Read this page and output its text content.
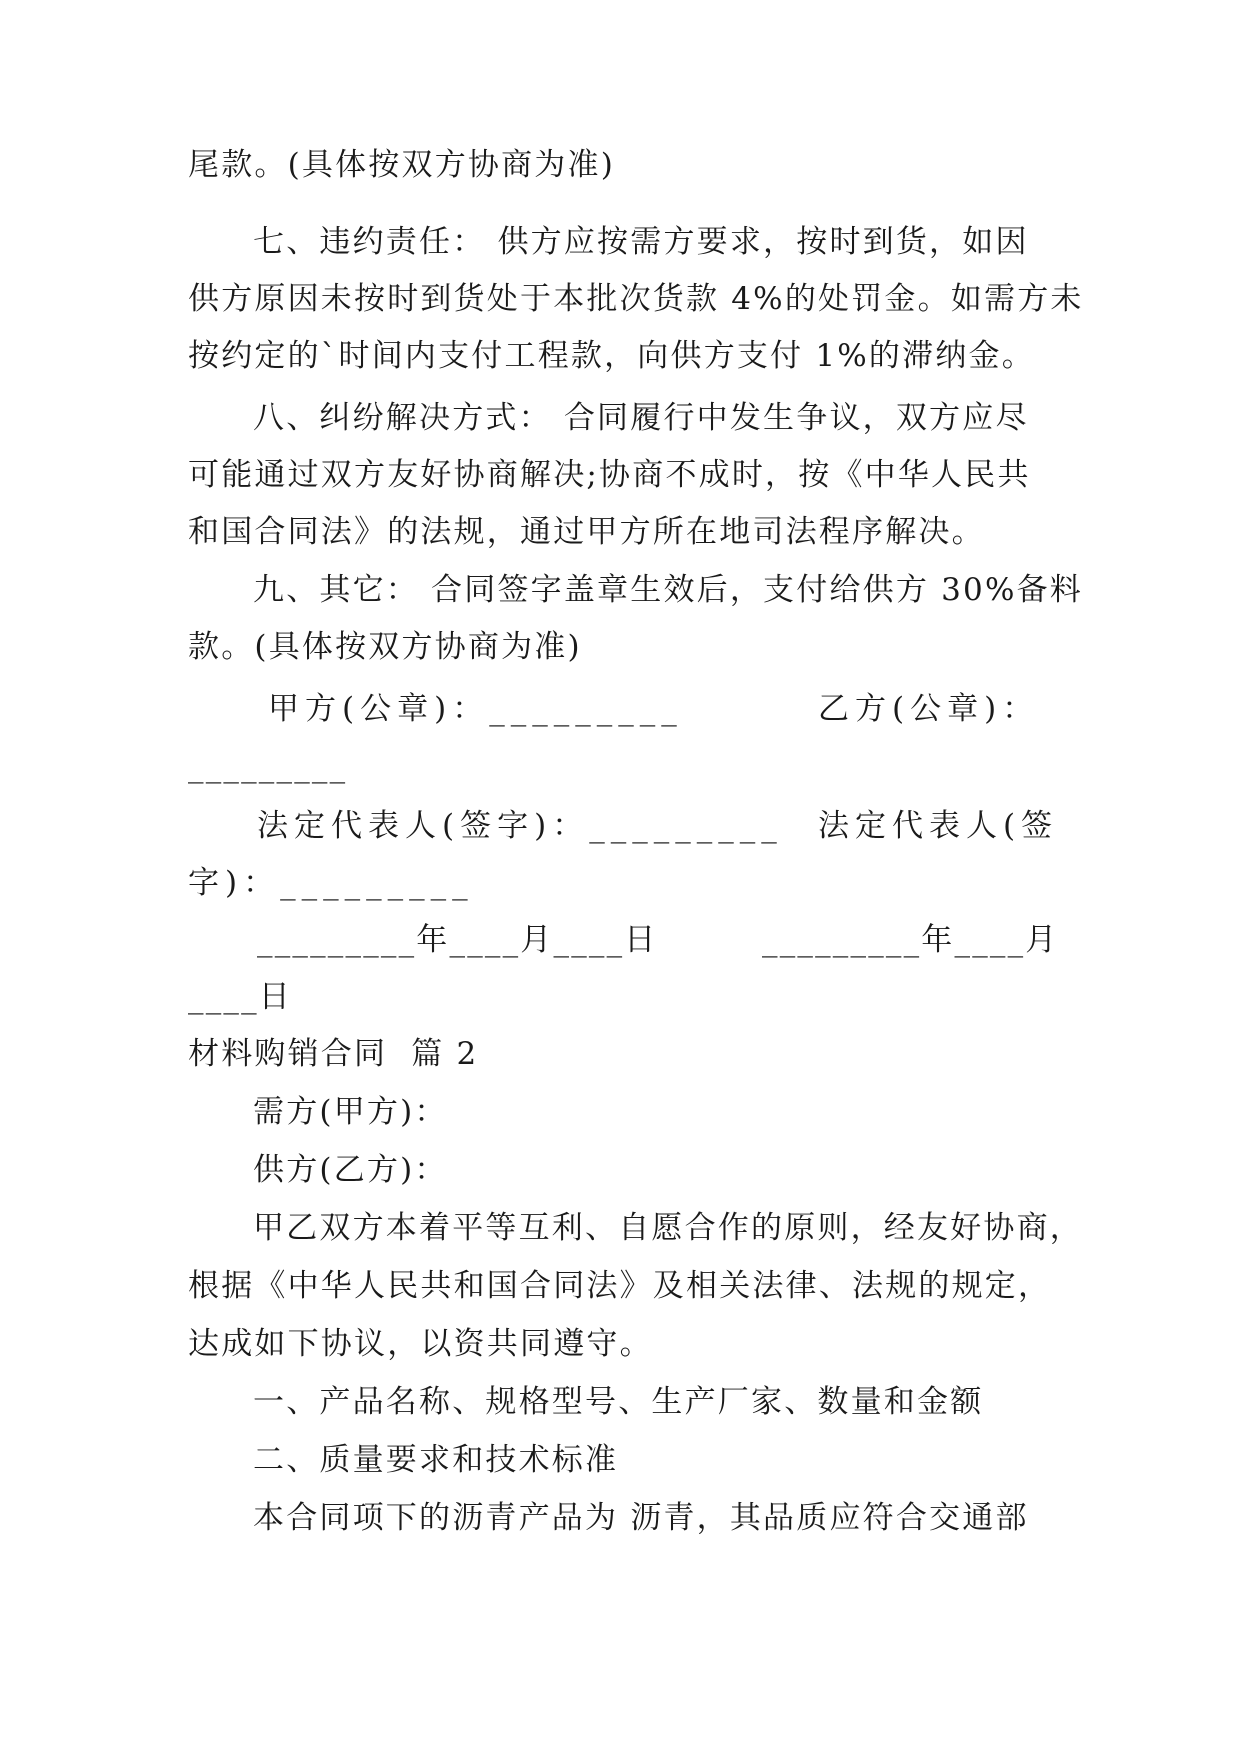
尾款。(具体按双方协商为准)
七、违约责任： 供方应按需方要求，按时到货，如因
供方原因未按时到货处于本批次货款 4%的处罚金。如需方未
按约定的`时间内支付工程款，向供方支付 1%的滞纳金。
八、纠纷解决方式： 合同履行中发生争议，双方应尽
可能通过双方友好协商解决;协商不成时，按《中华人民共
和国合同法》的法规，通过甲方所在地司法程序解决。
九、其它： 合同签字盖章生效后，支付给供方 30%备料
款。(具体按双方协商为准)
甲方(公章)：_________	乙方(公章)：
_________
法定代表人(签字)：_________ 法定代表人(签
字)：_________
_________年____月____日	_________年____月
____日
材料购销合同  篇 2
需方(甲方)：
供方(乙方)：
甲乙双方本着平等互利、自愿合作的原则，经友好协商，
根据《中华人民共和国合同法》及相关法律、法规的规定，
达成如下协议，以资共同遵守。
一、产品名称、规格型号、生产厂家、数量和金额
二、质量要求和技术标准
本合同项下的沥青产品为 沥青，其品质应符合交通部
